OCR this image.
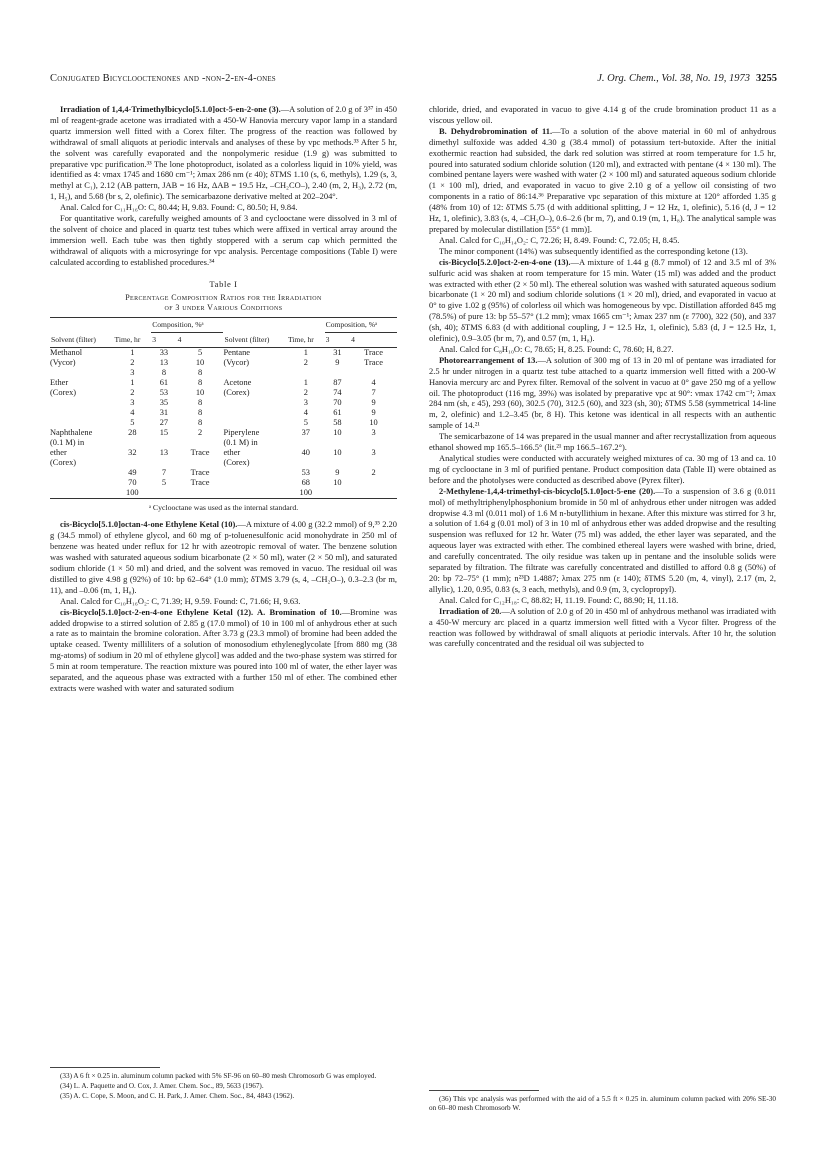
Conjugated Bicyclooctenones and -non-2-en-4-ones	J. Org. Chem., Vol. 38, No. 19, 1973 3255

Irradiation of 1,4,4-Trimethylbicyclo[5.1.0]oct-5-en-2-one (3).—A solution of 2.0 g of 3³⁷ in 450 ml of reagent-grade acetone was irradiated with a 450-W Hanovia mercury vapor lamp in a standard quartz immersion well fitted with a Corex filter. The progress of the reaction was followed by withdrawal of small aliquots at periodic intervals and analyses of these by vpc methods.³³ After 5 hr, the solvent was carefully evaporated and the nonpolymeric residue (1.9 g) was submitted to preparative vpc purification.³³ The lone photoproduct, isolated as a colorless liquid in 10% yield, was identified as 4: νmax 1745 and 1680 cm⁻¹; λmax 286 nm (ε 40); δTMS 1.10 (s, 6, methyls), 1.29 (s, 3, methyl at C₁), 2.12 (AB pattern, JAB = 16 Hz, ΔAB = 19.5 Hz, –CH₂CO–), 2.40 (m, 2, H₃), 2.72 (m, 1, H₅), and 5.68 (br s, 2, olefinic). The semicarbazone derivative melted at 202–204°.

Anal. Calcd for C₁₁H₁₆O: C, 80.44; H, 9.83. Found: C, 80.50; H, 9.84.

For quantitative work, carefully weighed amounts of 3 and cyclooctane were dissolved in 3 ml of the solvent of choice and placed in quartz test tubes which were affixed in vertical array around the immersion well. Each tube was then tightly stoppered with a serum cap which permitted the withdrawal of aliquots with a microsyringe for vpc analysis. Percentage compositions (Table I) were calculated according to established procedures.³⁴

Table I
Percentage Composition Ratios for the Irradiation
of 3 under Various Conditions
Solvent (filter)	Time, hr	Composition, %ᵃ		Solvent (filter)	Time, hr	Composition, %ᵃ	
		3	4			3	4
Methanol	1	33	5	Pentane	1	31	Trace
(Vycor)	2	13	10	(Vycor)	2	9	Trace
	3	8	8				
Ether	1	61	8	Acetone	1	87	4
(Corex)	2	53	10	(Corex)	2	74	7
	3	35	8		3	70	9
	4	31	8		4	61	9
	5	27	8		5	58	10
Naphthalene	28	15	2	Piperylene	37	10	3
(0.1 M) in				(0.1 M) in			
ether	32	13	Trace	ether	40	10	3
(Corex)				(Corex)			
	49	7	Trace		53	9	2
	70	5	Trace		68	10	
	100				100		
ᵃ Cyclooctane was used as the internal standard.

cis-Bicyclo[5.1.0]octan-4-one Ethylene Ketal (10).—A mixture of 4.00 g (32.2 mmol) of 9,³⁵ 2.20 g (34.5 mmol) of ethylene glycol, and 60 mg of p-toluenesulfonic acid monohydrate in 250 ml of benzene was heated under reflux for 12 hr with azeotropic removal of water. The benzene solution was washed with saturated aqueous sodium bicarbonate (2 × 50 ml), water (2 × 50 ml), and saturated sodium chloride (1 × 50 ml) and dried, and the solvent was removed in vacuo. The residual oil was distilled to give 4.98 g (92%) of 10: bp 62–64° (1.0 mm); δTMS 3.79 (s, 4, –CH₂O–), 0.3–2.3 (br m, 11), and –0.06 (m, 1, H₈).

Anal. Calcd for C₁₀H₁₆O₂: C, 71.39; H, 9.59. Found: C, 71.66; H, 9.63.

cis-Bicyclo[5.1.0]oct-2-en-4-one Ethylene Ketal (12). A. Bromination of 10.—Bromine was added dropwise to a stirred solution of 2.85 g (17.0 mmol) of 10 in 100 ml of anhydrous ether at such a rate as to maintain the bromine coloration. After 3.73 g (23.3 mmol) of bromine had been added the uptake ceased. Twenty milliliters of a solution of monosodium ethyleneglycolate [from 880 mg (38 mg-atoms) of sodium in 20 ml of ethylene glycol] was added and the two-phase system was stirred for 5 min at room temperature. The reaction mixture was poured into 100 ml of water, the ether layer was separated, and the aqueous phase was extracted with a further 150 ml of ether. The combined ether extracts were washed with water and saturated sodium

(33) A 6 ft × 0.25 in. aluminum column packed with 5% SF-96 on 60–80 mesh Chromosorb G was employed.

(34) L. A. Paquette and O. Cox, J. Amer. Chem. Soc., 89, 5633 (1967).

(35) A. C. Cope, S. Moon, and C. H. Park, J. Amer. Chem. Soc., 84, 4843 (1962).

chloride, dried, and evaporated in vacuo to give 4.14 g of the crude bromination product 11 as a viscous yellow oil.

B. Dehydrobromination of 11.—To a solution of the above material in 60 ml of anhydrous dimethyl sulfoxide was added 4.30 g (38.4 mmol) of potassium tert-butoxide. After the initial exothermic reaction had subsided, the dark red solution was stirred at room temperature for 1.5 hr, poured into saturated sodium chloride solution (120 ml), and extracted with pentane (4 × 130 ml). The combined pentane layers were washed with water (2 × 100 ml) and saturated aqueous sodium chloride (1 × 100 ml), dried, and evaporated in vacuo to give 2.10 g of a yellow oil consisting of two components in a ratio of 86:14.³⁶ Preparative vpc separation of this mixture at 120° afforded 1.35 g (48% from 10) of 12: δTMS 5.75 (d with additional splitting, J = 12 Hz, 1, olefinic), 5.16 (d, J = 12 Hz, 1, olefinic), 3.83 (s, 4, –CH₂O–), 0.6–2.6 (br m, 7), and 0.19 (m, 1, H₈). The analytical sample was prepared by molecular distillation [55° (1 mm)].

Anal. Calcd for C₁₀H₁₄O₂: C, 72.26; H, 8.49. Found: C, 72.05; H, 8.45.

The minor component (14%) was subsequently identified as the corresponding ketone (13).

cis-Bicyclo[5.2.0]oct-2-en-4-one (13).—A mixture of 1.44 g (8.7 mmol) of 12 and 3.5 ml of 3% sulfuric acid was shaken at room temperature for 15 min. Water (15 ml) was added and the product was extracted with ether (2 × 50 ml). The ethereal solution was washed with saturated aqueous sodium bicarbonate (1 × 20 ml) and sodium chloride solutions (1 × 20 ml), dried, and evaporated in vacuo at 0° to give 1.02 g (95%) of colorless oil which was homogeneous by vpc. Distillation afforded 845 mg (78.5%) of pure 13: bp 55–57° (1.2 mm); νmax 1665 cm⁻¹; λmax 237 nm (ε 7700), 322 (50), and 337 (sh, 40); δTMS 6.83 (d with additional coupling, J = 12.5 Hz, 1, olefinic), 5.83 (d, J = 12.5 Hz, 1, olefinic), 0.9–3.05 (br m, 7), and 0.57 (m, 1, H₈).

Anal. Calcd for C₈H₁₀O: C, 78.65; H, 8.25. Found: C, 78.60; H, 8.27.

Photorearrangement of 13.—A solution of 300 mg of 13 in 20 ml of pentane was irradiated for 2.5 hr under nitrogen in a quartz test tube attached to a quartz immersion well fitted with a 200-W Hanovia mercury arc and Pyrex filter. Removal of the solvent in vacuo at 0° gave 250 mg of a yellow oil. The photoproduct (116 mg, 39%) was isolated by preparative vpc at 90°: νmax 1742 cm⁻¹; λmax 284 nm (sh, ε 45), 293 (60), 302.5 (70), 312.5 (60), and 323 (sh, 30); δTMS 5.58 (symmetrical 14-line m, 2, olefinic) and 1.2–3.45 (br, 8 H). This ketone was identical in all respects with an authentic sample of 14.²¹

The semicarbazone of 14 was prepared in the usual manner and after recrystallization from aqueous ethanol showed mp 165.5–166.5° (lit.²¹ mp 166.5–167.2°).

Analytical studies were conducted with accurately weighed mixtures of ca. 30 mg of 13 and ca. 10 mg of cyclooctane in 3 ml of purified pentane. Product composition data (Table II) were obtained as before and the photolyses were conducted as described above (Pyrex filter).

2-Methylene-1,4,4-trimethyl-cis-bicyclo[5.1.0]oct-5-ene (20).—To a suspension of 3.6 g (0.011 mol) of methyltriphenylphosphonium bromide in 50 ml of anhydrous ether under nitrogen was added dropwise 4.3 ml (0.011 mol) of 1.6 M n-butyllithium in hexane. After this mixture was stirred for 3 hr, a solution of 1.64 g (0.01 mol) of 3 in 10 ml of anhydrous ether was added dropwise and the resulting suspension was refluxed for 12 hr. Water (75 ml) was added, the ether layer was separated, and the aqueous layer was extracted with ether. The combined ethereal layers were washed with brine, dried, and carefully concentrated. The oily residue was taken up in pentane and the insoluble solids were separated by filtration. The filtrate was carefully concentrated and distilled to afford 0.8 g (50%) of 20: bp 72–75° (1 mm); n²³D 1.4887; λmax 275 nm (ε 140); δTMS 5.20 (m, 4, vinyl), 2.17 (m, 2, allylic), 1.20, 0.95, 0.83 (s, 3 each, methyls), and 0.9 (m, 3, cyclopropyl).

Anal. Calcd for C₁₂H₁₈: C, 88.82; H, 11.19. Found: C, 88.90; H, 11.18.

Irradiation of 20.—A solution of 2.0 g of 20 in 450 ml of anhydrous methanol was irradiated with a 450-W mercury arc placed in a quartz immersion well fitted with a Vycor filter. Progress of the reaction was followed by withdrawal of small aliquots at periodic intervals. After 10 hr, the solution was carefully concentrated and the residual oil was subjected to

(36) This vpc analysis was performed with the aid of a 5.5 ft × 0.25 in. aluminum column packed with 20% SE-30 on 60–80 mesh Chromosorb W.
